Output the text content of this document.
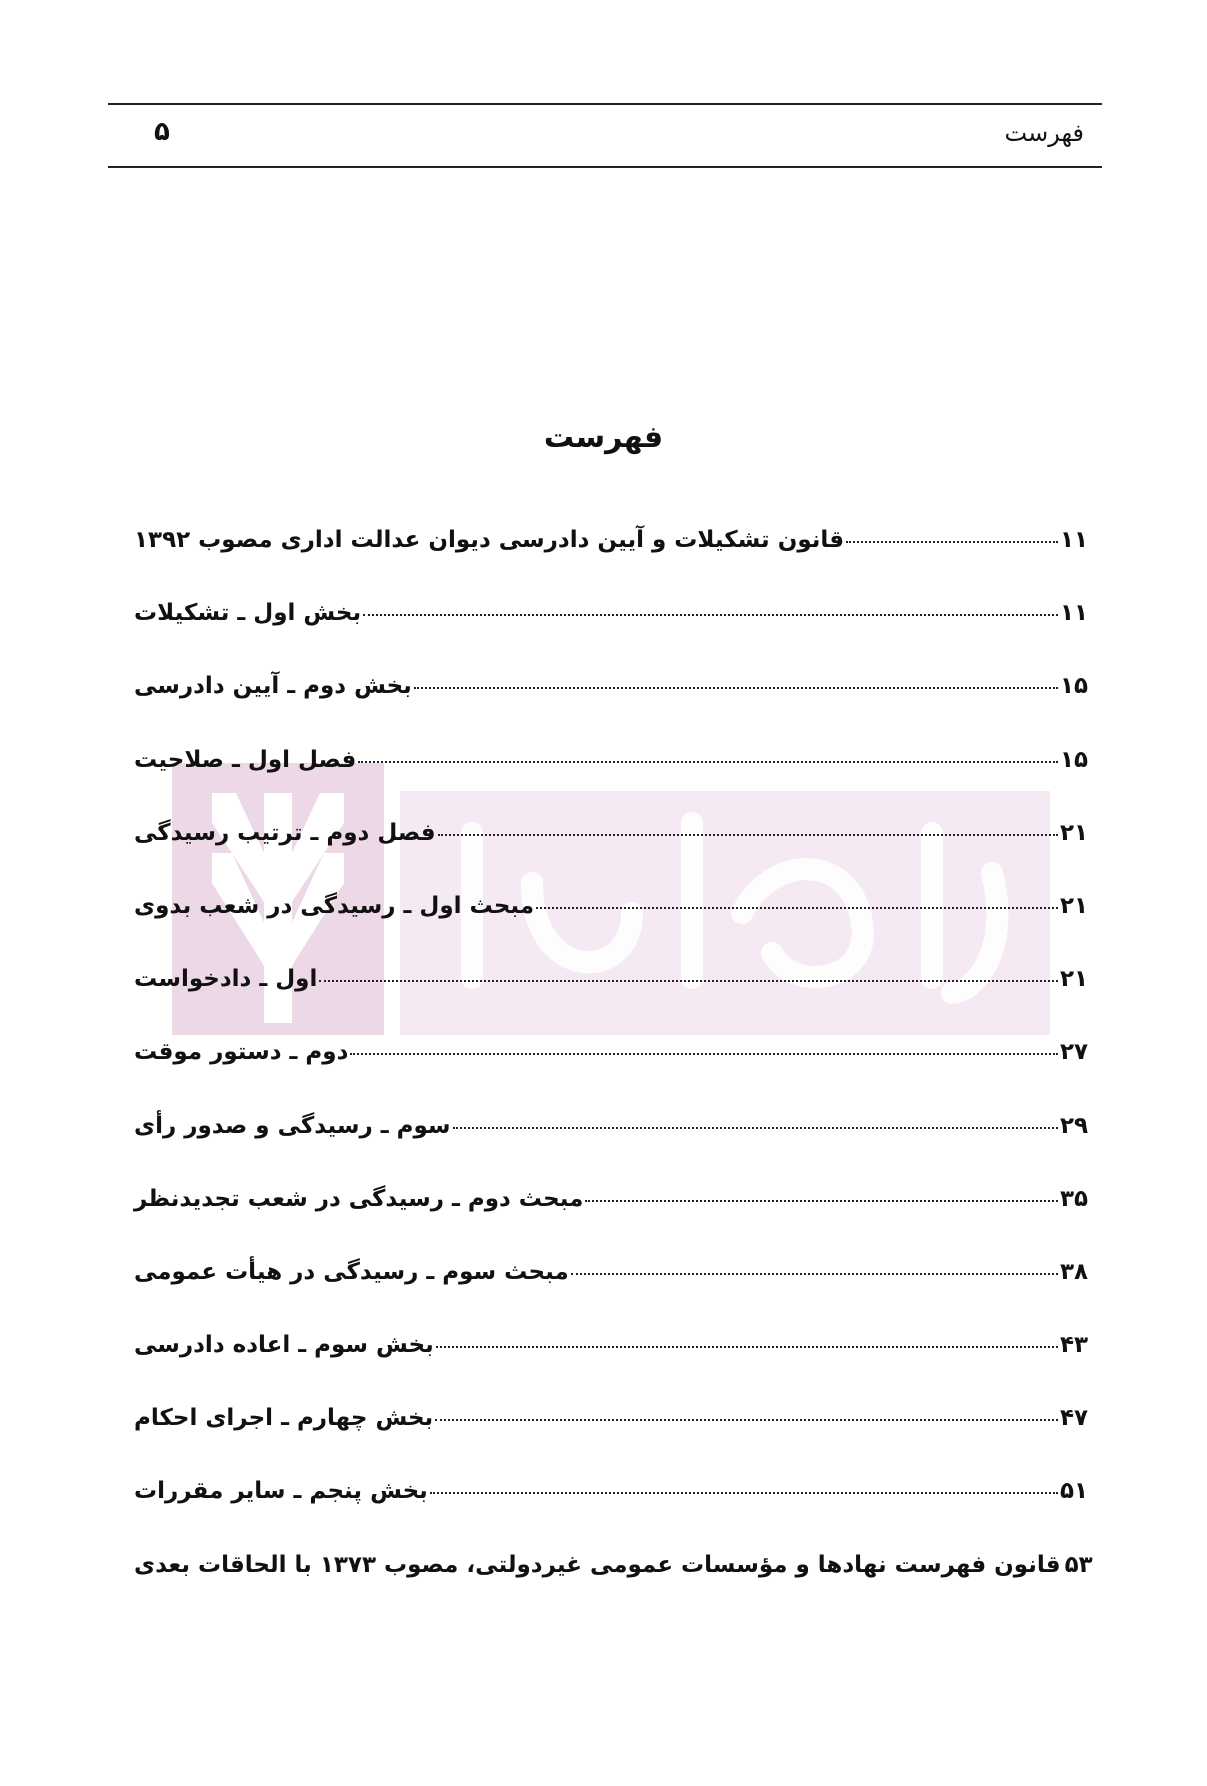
فهرست
۵
فهرست
قانون تشکیلات و آیین دادرسی دیوان عدالت اداری مصوب ۱۳۹۲	۱۱
بخش اول ـ تشکیلات	۱۱
بخش دوم ـ آیین دادرسی	۱۵
فصل اول ـ صلاحیت	۱۵
فصل دوم ـ ترتیب رسیدگی	۲۱
مبحث اول ـ رسیدگی در شعب بدوی	۲۱
اول ـ دادخواست	۲۱
دوم ـ دستور موقت	۲۷
سوم ـ رسیدگی و صدور رأی	۲۹
مبحث دوم ـ رسیدگی در شعب تجدیدنظر	۳۵
مبحث سوم ـ رسیدگی در هیأت عمومی	۳۸
بخش سوم ـ اعاده دادرسی	۴۳
بخش چهارم ـ اجرای احکام	۴۷
بخش پنجم ـ سایر مقررات	۵۱
قانون فهرست نهادها و مؤسسات عمومی غیردولتی، مصوب ۱۳۷۳ با الحاقات بعدی ۵۳
